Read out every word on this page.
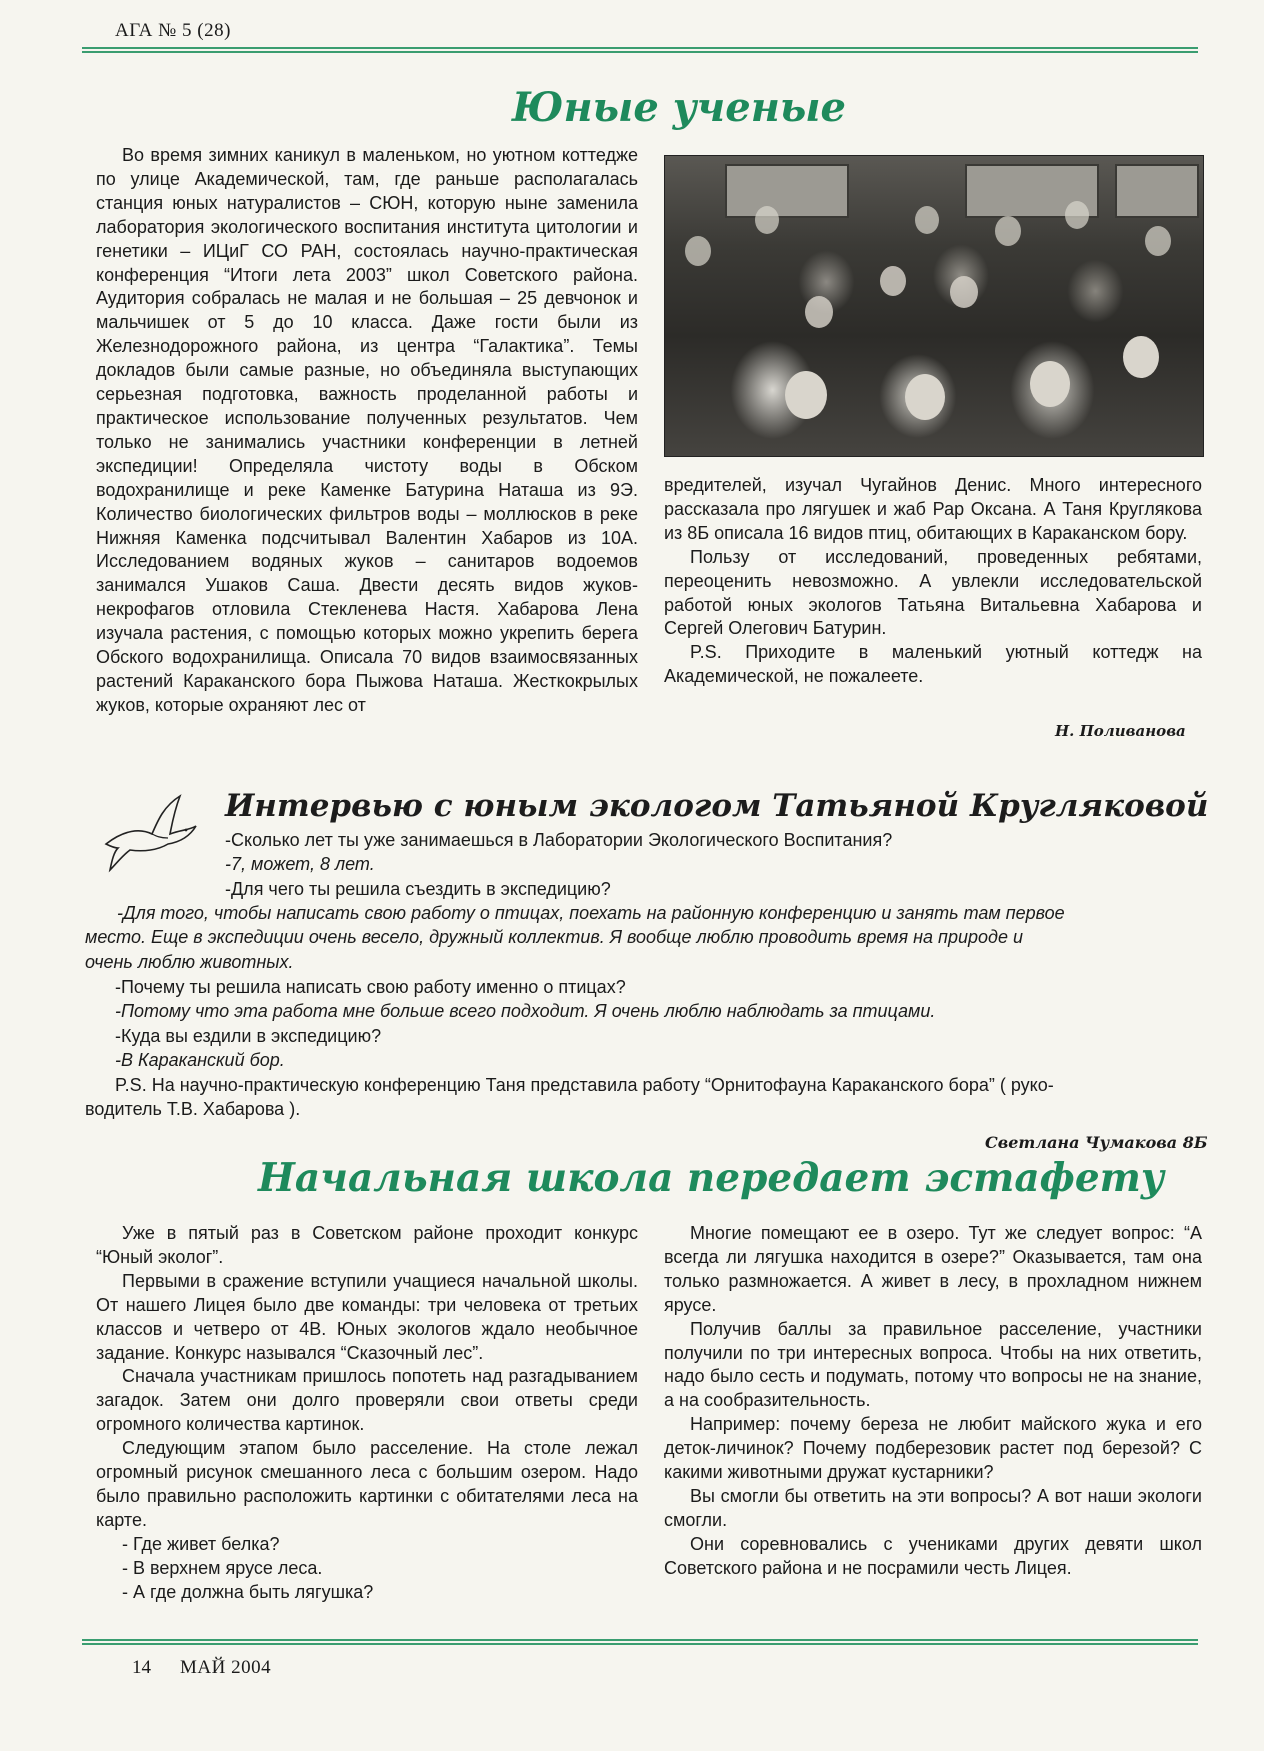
АГА № 5 (28)
Юные ученые

Во время зимних каникул в маленьком, но уютном коттедже по улице Академической, там, где раньше располагалась станция юных натуралистов – СЮН, которую ныне заменила лаборатория экологического воспитания института цитологии и генетики – ИЦиГ СО РАН, состоялась научно-практическая конференция “Итоги лета 2003” школ Советского района. Аудитория собралась не малая и не большая – 25 девчонок и мальчишек от 5 до 10 класса. Даже гости были из Железнодорожного района, из центра “Галактика”. Темы докладов были самые разные, но объединяла выступающих серьезная подготовка, важность проделанной работы и практическое использование полученных результатов. Чем только не занимались участники конференции в летней экспедиции! Определяла чистоту воды в Обском водохранилище и реке Каменке Батурина Наташа из 9Э. Количество биологических фильтров воды – моллюсков в реке Нижняя Каменка подсчитывал Валентин Хабаров из 10А. Исследованием водяных жуков – санитаров водоемов занимался Ушаков Саша. Двести десять видов жуков-некрофагов отловила Стекленева Настя. Хабарова Лена изучала растения, с помощью которых можно укрепить берега Обского водохранилища. Описала 70 видов взаимосвязанных растений Караканского бора Пыжова Наташа. Жесткокрылых жуков, которые охраняют лес от

вредителей, изучал Чугайнов Денис. Много интересного рассказала про лягушек и жаб Рар Оксана. А Таня Круглякова из 8Б описала 16 видов птиц, обитающих в Караканском бору.

Пользу от исследований, проведенных ребятами, переоценить невозможно. А увлекли исследовательской работой юных экологов Татьяна Витальевна Хабарова и Сергей Олегович Батурин.

P.S. Приходите в маленький уютный коттедж на Академической, не пожалеете.

Н. Поливанова
Интервью с юным экологом Татьяной Кругляковой
-Сколько лет ты уже занимаешься в Лаборатории Экологического Воспитания?
-7, может, 8 лет.
-Для чего ты решила съездить в экспедицию?
-Для того, чтобы написать свою работу о птицах, поехать на районную конференцию и занять там первое
место. Еще в экспедиции очень весело, дружный коллектив. Я вообще люблю проводить время на природе и
очень люблю животных.
-Почему ты решила написать свою работу именно о птицах?
-Потому что эта работа мне больше всего подходит. Я очень люблю наблюдать за птицами.
-Куда вы ездили в экспедицию?
-В Караканский бор.
P.S. На научно-практическую конференцию Таня представила работу “Орнитофауна Караканского бора” ( руко-
водитель Т.В. Хабарова ).
Светлана Чумакова 8Б
Начальная школа передает эстафету

Уже в пятый раз в Советском районе проходит конкурс “Юный эколог”.

Первыми в сражение вступили учащиеся начальной школы. От нашего Лицея было две команды: три человека от третьих классов и четверо от 4В. Юных экологов ждало необычное задание. Конкурс назывался “Сказочный лес”.

Сначала участникам пришлось попотеть над разгадыванием загадок. Затем они долго проверяли свои ответы среди огромного количества картинок.

Следующим этапом было расселение. На столе лежал огромный рисунок смешанного леса с большим озером. Надо было правильно расположить картинки с обитателями леса на карте.

- Где живет белка?

- В верхнем ярусе леса.

- А где должна быть лягушка?

Многие помещают ее в озеро. Тут же следует вопрос: “А всегда ли лягушка находится в озере?” Оказывается, там она только размножается. А живет в лесу, в прохладном нижнем ярусе.

Получив баллы за правильное расселение, участники получили по три интересных вопроса. Чтобы на них ответить, надо было сесть и подумать, потому что вопросы не на знание, а на сообразительность.

Например: почему береза не любит майского жука и его деток-личинок? Почему подберезовик растет под березой? С какими животными дружат кустарники?

Вы смогли бы ответить на эти вопросы? А вот наши экологи смогли.

Они соревновались с учениками других девяти школ Советского района и не посрамили честь Лицея.

14 МАЙ 2004
